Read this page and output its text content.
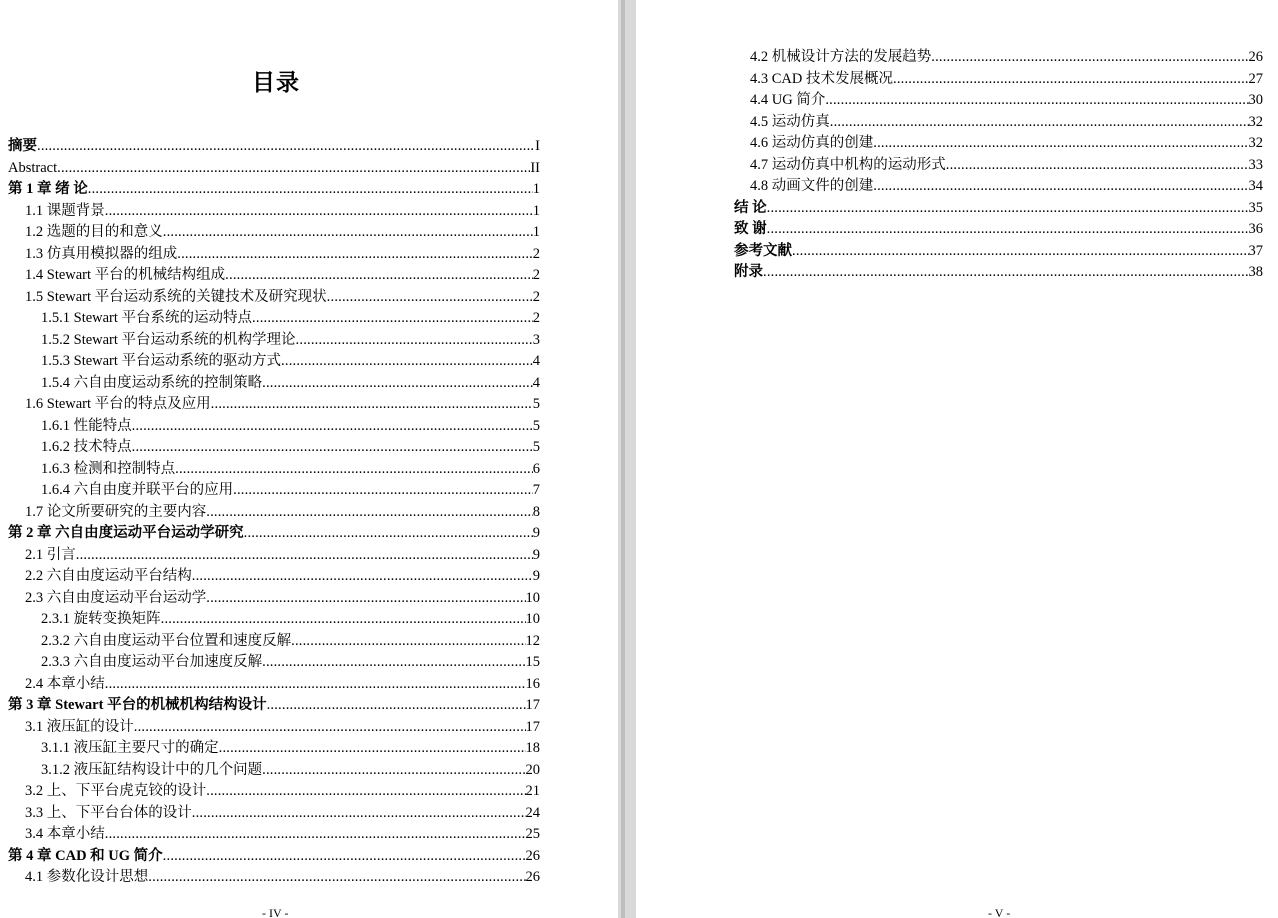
目录
摘要 .....	I
Abstract .....	II
第 1 章 绪 论 .....	1
1.1 课题背景 .....	1
1.2 选题的目的和意义 .....	1
1.3 仿真用模拟器的组成 .....	2
1.4 Stewart 平台的机械结构组成 .....	2
1.5 Stewart 平台运动系统的关键技术及研究现状 .....	2
1.5.1 Stewart 平台系统的运动特点 .....	2
1.5.2 Stewart 平台运动系统的机构学理论 .....	3
1.5.3 Stewart 平台运动系统的驱动方式 .....	4
1.5.4 六自由度运动系统的控制策略 .....	4
1.6 Stewart 平台的特点及应用 .....	5
1.6.1 性能特点 .....	5
1.6.2 技术特点 .....	5
1.6.3 检测和控制特点 .....	6
1.6.4 六自由度并联平台的应用 .....	7
1.7 论文所要研究的主要内容 .....	8
第 2 章 六自由度运动平台运动学研究 .....	9
2.1 引言 .....	9
2.2 六自由度运动平台结构 .....	9
2.3 六自由度运动平台运动学 .....	10
2.3.1 旋转变换矩阵 .....	10
2.3.2 六自由度运动平台位置和速度反解 .....	12
2.3.3 六自由度运动平台加速度反解 .....	15
2.4 本章小结 .....	16
第 3 章 Stewart 平台的机械机构结构设计 .....	17
3.1 液压缸的设计 .....	17
3.1.1 液压缸主要尺寸的确定 .....	18
3.1.2 液压缸结构设计中的几个问题 .....	20
3.2 上、下平台虎克铰的设计 .....	21
3.3 上、下平台台体的设计 .....	24
3.4 本章小结 .....	25
第 4 章 CAD 和 UG 简介 .....	26
4.1 参数化设计思想 .....	26
- IV -
4.2 机械设计方法的发展趋势 .....	26
4.3 CAD 技术发展概况 .....	27
4.4 UG 简介 .....	30
4.5 运动仿真 .....	32
4.6 运动仿真的创建 .....	32
4.7 运动仿真中机构的运动形式 .....	33
4.8 动画文件的创建 .....	34
结 论 .....	35
致 谢 .....	36
参考文献 .....	37
附录 .....	38
- V -
